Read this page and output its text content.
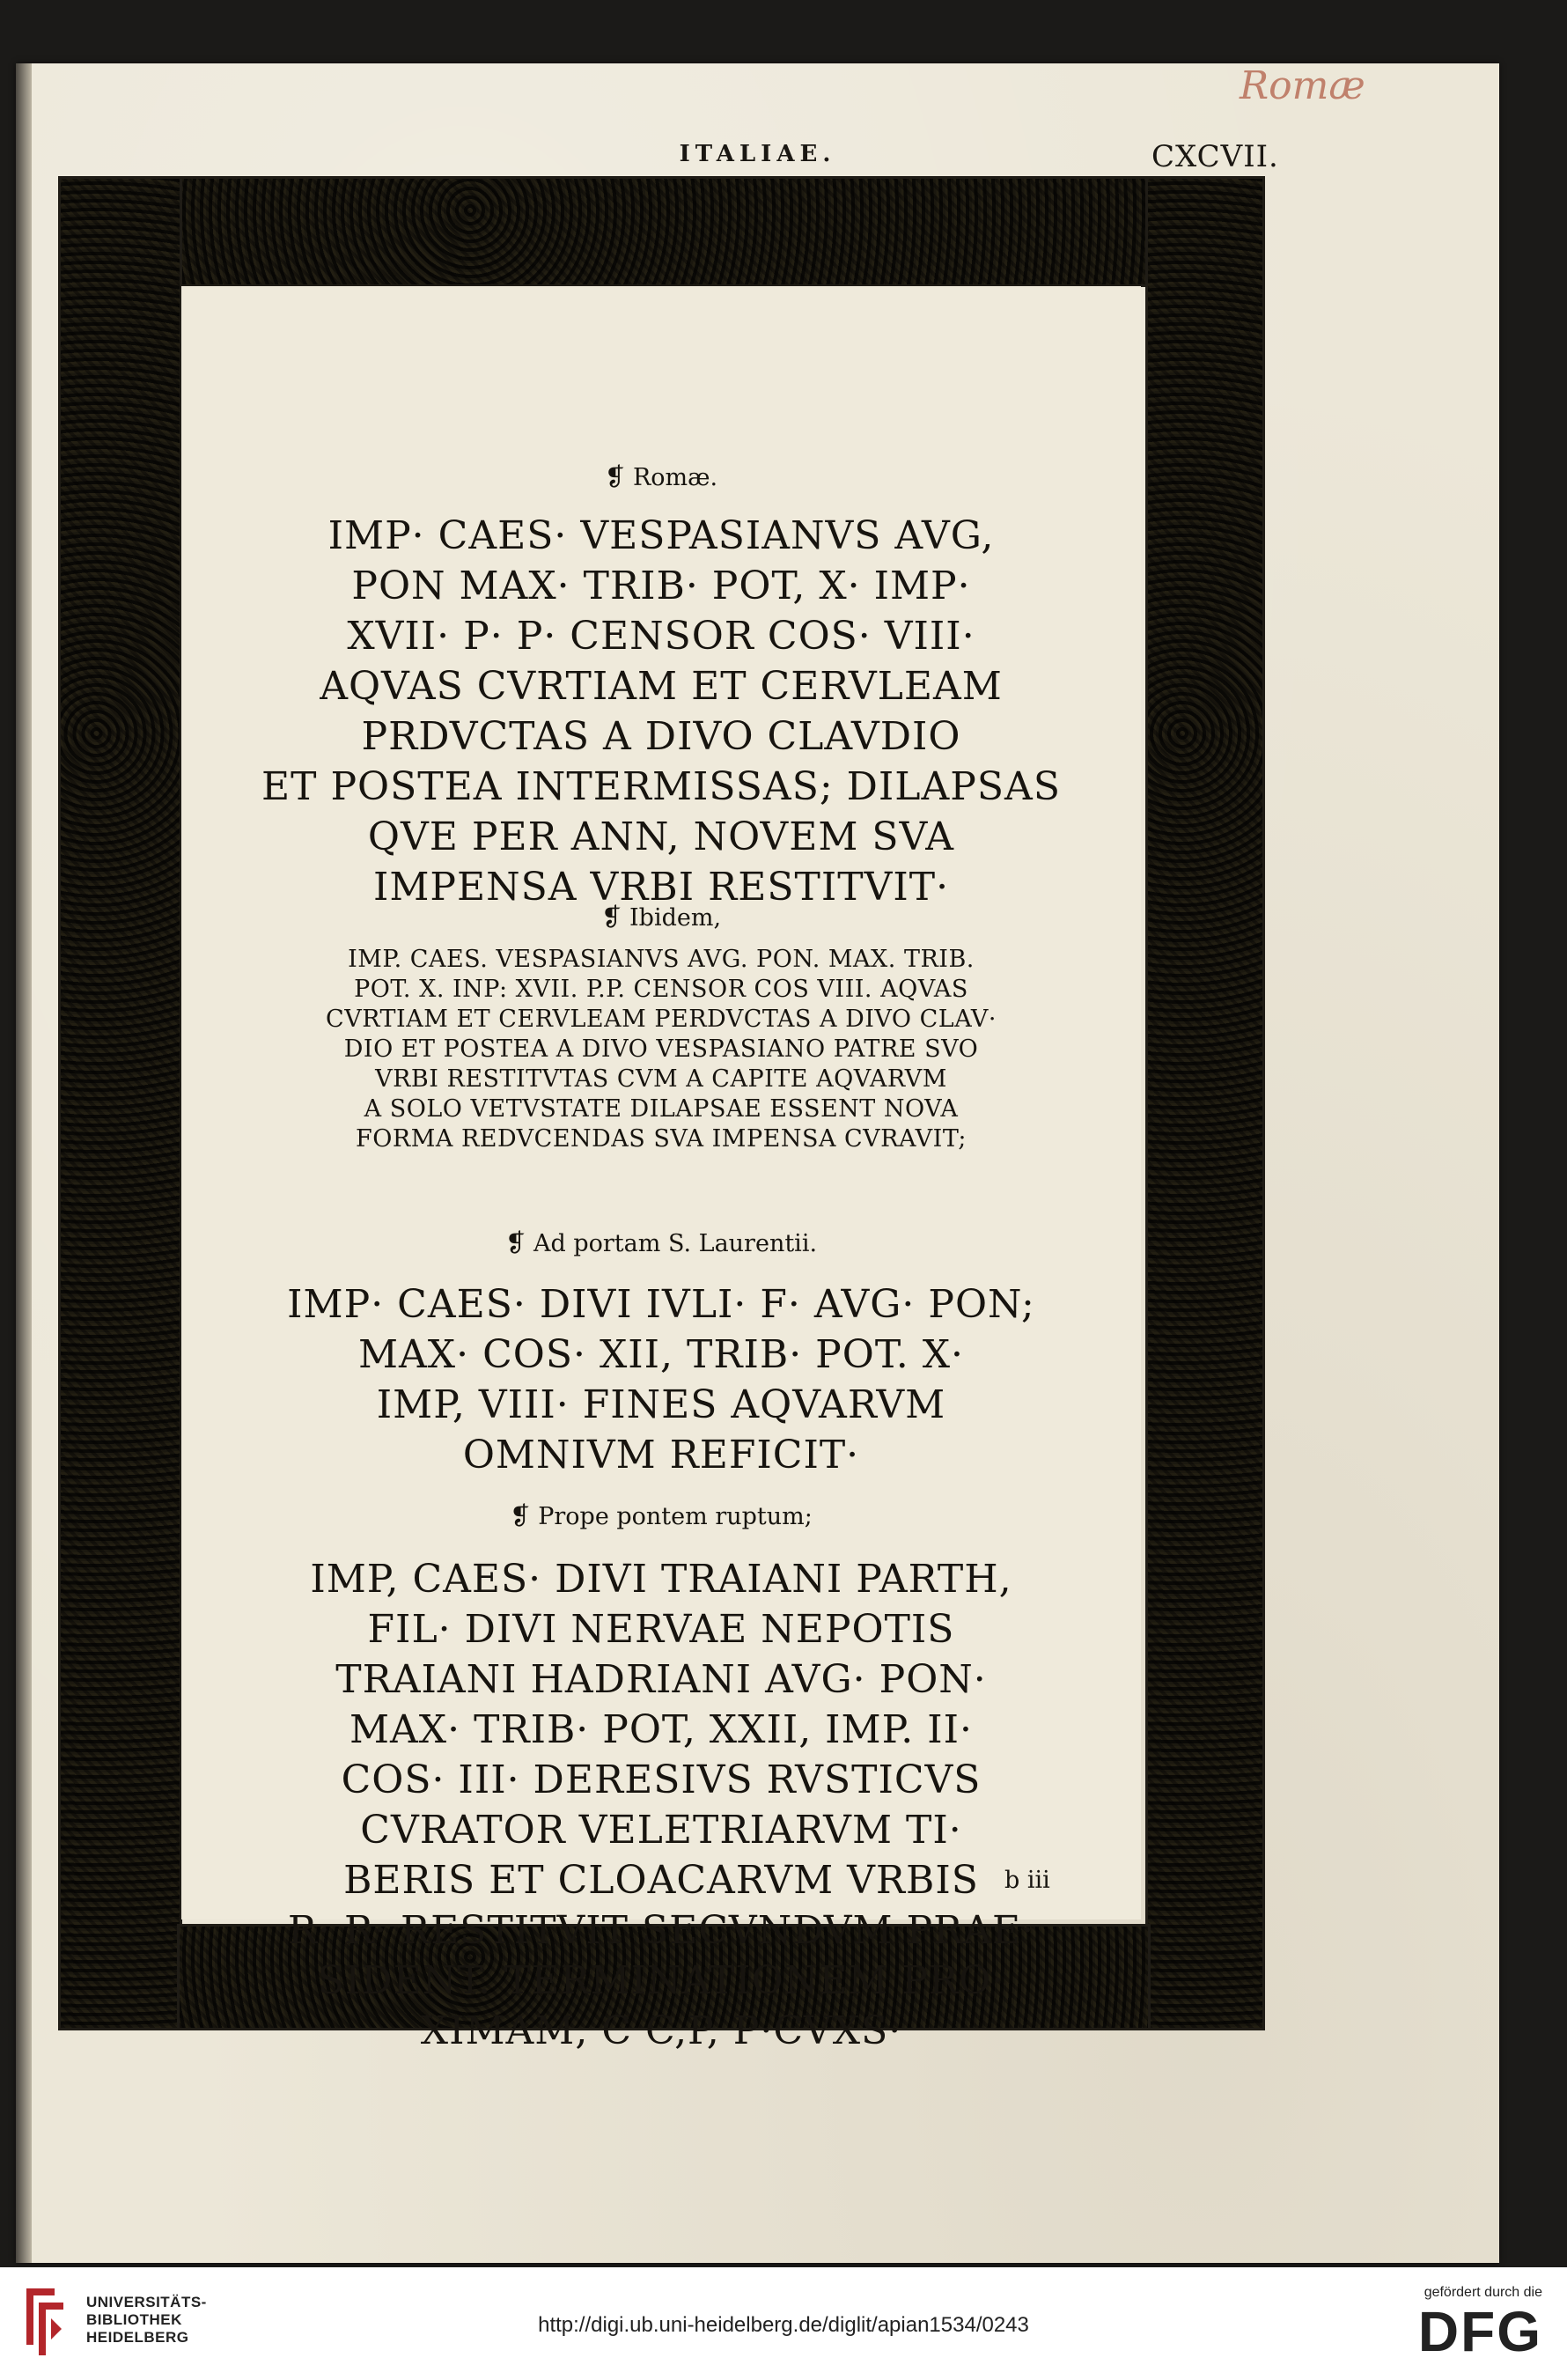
Romæ
ITALIAE.	CXCVII.

❡ Romæ.

IMP· CAES· VESPASIANVS AVG,
PON MAX· TRIB· POT, X· IMP·
XVII· P· P· CENSOR COS· VIII·
AQVAS CVRTIAM ET CERVLEAM
PRDVCTAS A DIVO CLAVDIO
ET POSTEA INTERMISSAS; DILAPSAS
QVE PER ANN, NOVEM SVA
IMPENSA VRBI RESTITVIT·

❡ Ibidem,

IMP. CAES. VESPASIANVS AVG. PON. MAX. TRIB.
POT. X. INP: XVII. P.P. CENSOR COS VIII. AQVAS
CVRTIAM ET CERVLEAM PERDVCTAS A DIVO CLAV·
DIO ET POSTEA A DIVO VESPASIANO PATRE SVO
VRBI RESTITVTAS CVM A CAPITE AQVARVM
A SOLO VETVSTATE DILAPSAE ESSENT NOVA
FORMA REDVCENDAS SVA IMPENSA CVRAVIT;

❡ Ad portam S. Laurentii.

IMP· CAES· DIVI IVLI· F· AVG· PON;
MAX· COS· XII, TRIB· POT. X·
IMP, VIII· FINES AQVARVM
OMNIVM REFICIT·

❡ Prope pontem ruptum;

IMP, CAES· DIVI TRAIANI PARTH,
FIL· DIVI NERVAE NEPOTIS
TRAIANI HADRIANI AVG· PON·
MAX· TRIB· POT, XXII, IMP. II·
COS· III· DERESIVS RVSTICVS
CVRATOR VELETRIARVM TI·
BERIS ET CLOACARVM VRBIS
R· R· RESTITVIT SECVNDVM PRAE·
SIDENT. TERMINATIONEM PRO·
XIMAM, C C,P, P·CVXS·
b iii
UNIVERSITÄTS-
BIBLIOTHEK
HEIDELBERG
http://digi.ub.uni-heidelberg.de/diglit/apian1534/0243
gefördert durch die
DFG
